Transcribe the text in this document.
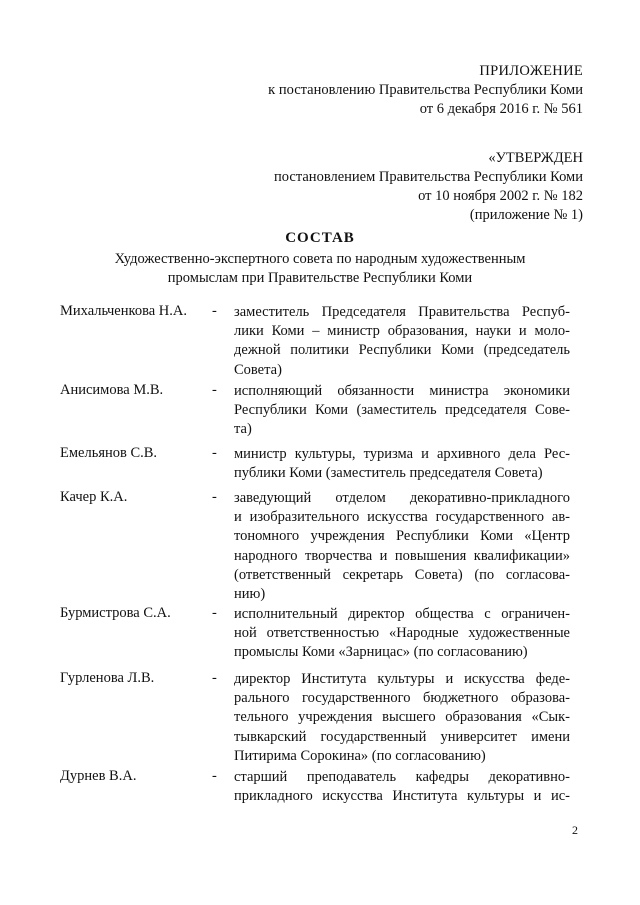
ПРИЛОЖЕНИЕ
к постановлению Правительства Республики Коми
от 6 декабря 2016 г. № 561
«УТВЕРЖДЕН
постановлением Правительства Республики Коми
от 10 ноября 2002 г. № 182
(приложение № 1)
СОСТАВ
Художественно-экспертного совета по народным художественным
промыслам при Правительстве Республики Коми
Михальченкова Н.А. - заместитель Председателя Правительства Респуб-
лики Коми – министр образования, науки и моло-
дежной политики Республики Коми (председатель
Совета)
Анисимова М.В.	- исполняющий обязанности министра экономики
Республики Коми (заместитель председателя Сове-
та)
Емельянов С.В.	- министр культуры, туризма и архивного дела Рес-
публики Коми (заместитель председателя Совета)
Качер К.А.	- заведующий отделом декоративно-прикладного
и изобразительного искусства государственного ав-
тономного учреждения Республики Коми «Центр
народного творчества и повышения квалификации»
(ответственный секретарь Совета) (по согласова-
нию)
Бурмистрова С.А.	- исполнительный директор общества с ограничен-
ной ответственностью «Народные художественные
промыслы Коми «Зарницас» (по согласованию)
Гурленова Л.В.	- директор Института культуры и искусства феде-
рального государственного бюджетного образова-
тельного учреждения высшего образования «Сык-
тывкарский государственный университет имени
Питирима Сорокина» (по согласованию)
Дурнев В.А.	- старший преподаватель кафедры декоративно-
прикладного искусства Института культуры и ис-
2
